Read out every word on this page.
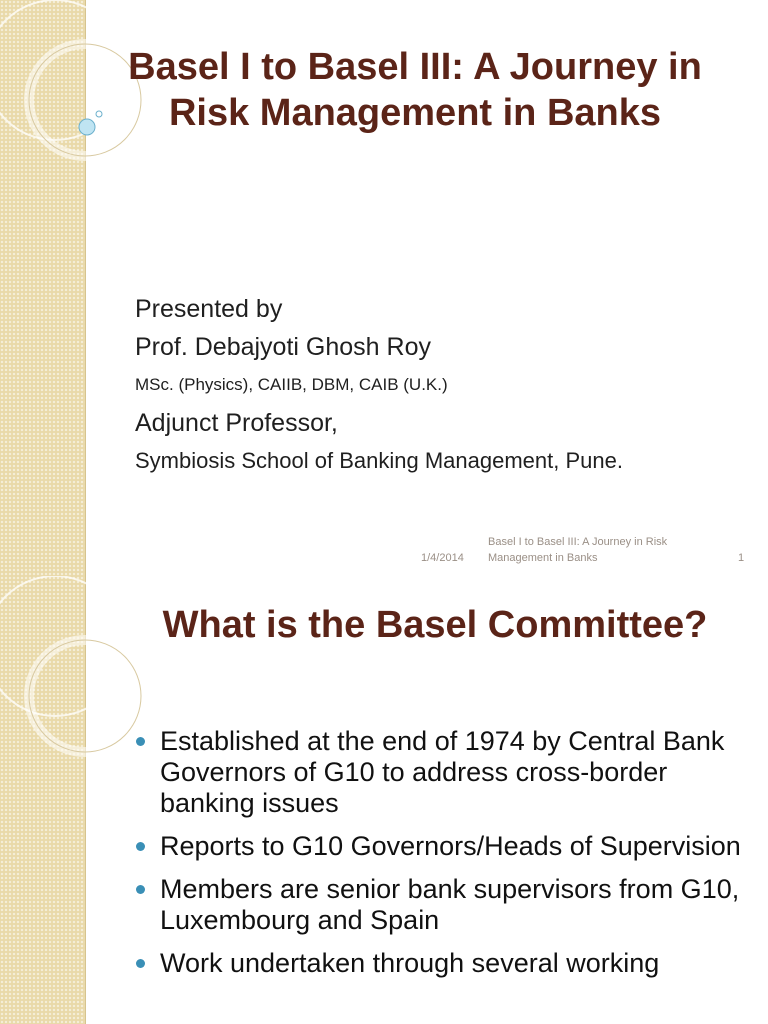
Basel I to Basel III: A Journey in
Risk Management in Banks
Presented by
Prof. Debajyoti Ghosh Roy
MSc. (Physics), CAIIB, DBM, CAIB (U.K.)
Adjunct Professor,
Symbiosis School of Banking Management, Pune.
1/4/2014
Basel I to Basel III: A Journey in Risk
Management in Banks	1
What is the Basel Committee?
Established at the end of 1974 by Central Bank Governors of G10 to address cross-border banking issues
Reports to G10 Governors/Heads of Supervision
Members are senior bank supervisors from G10, Luxembourg and Spain
Work undertaken through several working
